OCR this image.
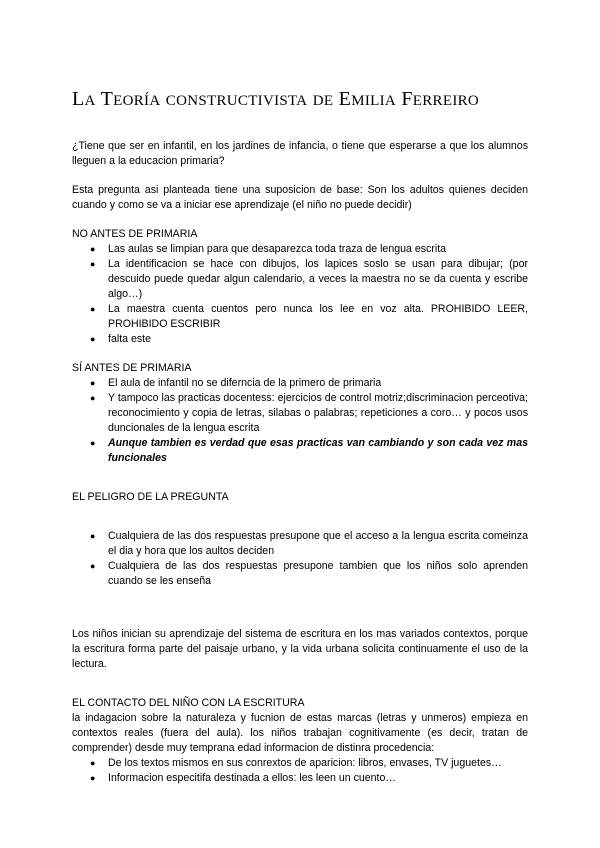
LA TEORÍA CONSTRUCTIVISTA DE EMILIA FERREIRO

¿Tiene que ser en infantil, en los jardines de infancia, o tiene que esperarse a que los alumnos lleguen a la educacion primaria?

Esta pregunta asi planteada tiene una suposicion de base: Son los adultos quienes deciden cuando y como se va a iniciar ese aprendizaje (el niño no puede decidir)

NO ANTES DE PRIMARIA

● Las aulas se limpian para que desaparezca toda traza de lengua escrita
● La identificacion se hace con dibujos, los lapices soslo se usan para dibujar; (por descuido puede quedar algun calendario, a veces la maestra no se da cuenta y escribe algo…)
● La maestra cuenta cuentos pero nunca los lee en voz alta. PROHIBIDO LEER, PROHIBIDO ESCRIBIR
● falta este

SÍ ANTES DE PRIMARIA

● El aula de infantil no se diferncia de la primero de primaria
● Y tampoco las practicas docentess: ejercicios de control motriz;discriminacion perceotiva; reconocimiento y copia de letras, silabas o palabras; repeticiones a coro… y pocos usos duncionales de la lengua escrita
● Aunque tambien es verdad que esas practicas van cambiando y son cada vez mas funcionales

EL PELIGRO DE LA PREGUNTA

● Cualquiera de las dos respuestas presupone que el acceso a la lengua escrita comeinza el dia y hora que los aultos deciden
● Cualquiera de las dos respuestas presupone tambien que los niños solo aprenden cuando se les enseña

Los niños inician su aprendizaje del sistema de escritura en los mas variados contextos, porque la escritura forma parte del paisaje urbano, y la vida urbana solicita continuamente el uso de la lectura.

EL CONTACTO DEL NIÑO CON LA ESCRITURA

la indagacion sobre la naturaleza y fucnion de estas marcas (letras y unmeros) empieza en contextos reales (fuera del aula). los niños trabajan cognitivamente (es decir, tratan de comprender) desde muy temprana edad informacion de distinra procedencia:

● De los textos mismos en sus conrextos de aparicion: libros, envases, TV juguetes…
● Informacion especitifa destinada a ellos: les leen un cuento…
